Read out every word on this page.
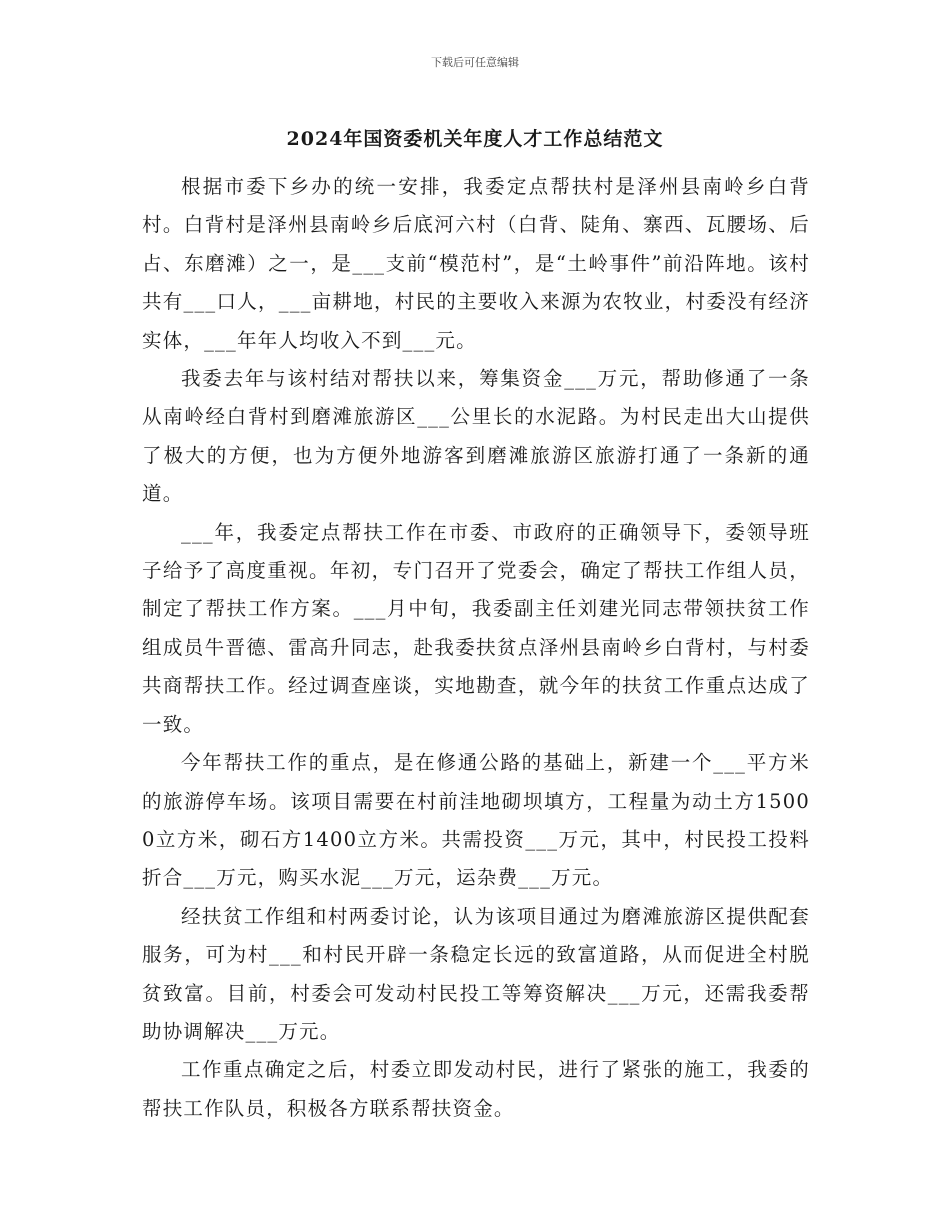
下载后可任意编辑
2024年国资委机关年度人才工作总结范文

根据市委下乡办的统一安排，我委定点帮扶村是泽州县南岭乡白背村。白背村是泽州县南岭乡后底河六村（白背、陡角、寨西、瓦腰场、后占、东磨滩）之一，是___支前“模范村”，是“土岭事件”前沿阵地。该村共有___口人，___亩耕地，村民的主要收入来源为农牧业，村委没有经济实体，___年年人均收入不到___元。

我委去年与该村结对帮扶以来，筹集资金___万元，帮助修通了一条从南岭经白背村到磨滩旅游区___公里长的水泥路。为村民走出大山提供了极大的方便，也为方便外地游客到磨滩旅游区旅游打通了一条新的通道。

___年，我委定点帮扶工作在市委、市政府的正确领导下，委领导班子给予了高度重视。年初，专门召开了党委会，确定了帮扶工作组人员，制定了帮扶工作方案。___月中旬，我委副主任刘建光同志带领扶贫工作组成员牛晋德、雷高升同志，赴我委扶贫点泽州县南岭乡白背村，与村委共商帮扶工作。经过调查座谈，实地勘查，就今年的扶贫工作重点达成了一致。

今年帮扶工作的重点，是在修通公路的基础上，新建一个___平方米的旅游停车场。该项目需要在村前洼地砌坝填方，工程量为动土方15000立方米，砌石方1400立方米。共需投资___万元，其中，村民投工投料折合___万元，购买水泥___万元，运杂费___万元。

经扶贫工作组和村两委讨论，认为该项目通过为磨滩旅游区提供配套服务，可为村___和村民开辟一条稳定长远的致富道路，从而促进全村脱贫致富。目前，村委会可发动村民投工等筹资解决___万元，还需我委帮助协调解决___万元。

工作重点确定之后，村委立即发动村民，进行了紧张的施工，我委的帮扶工作队员，积极各方联系帮扶资金。
